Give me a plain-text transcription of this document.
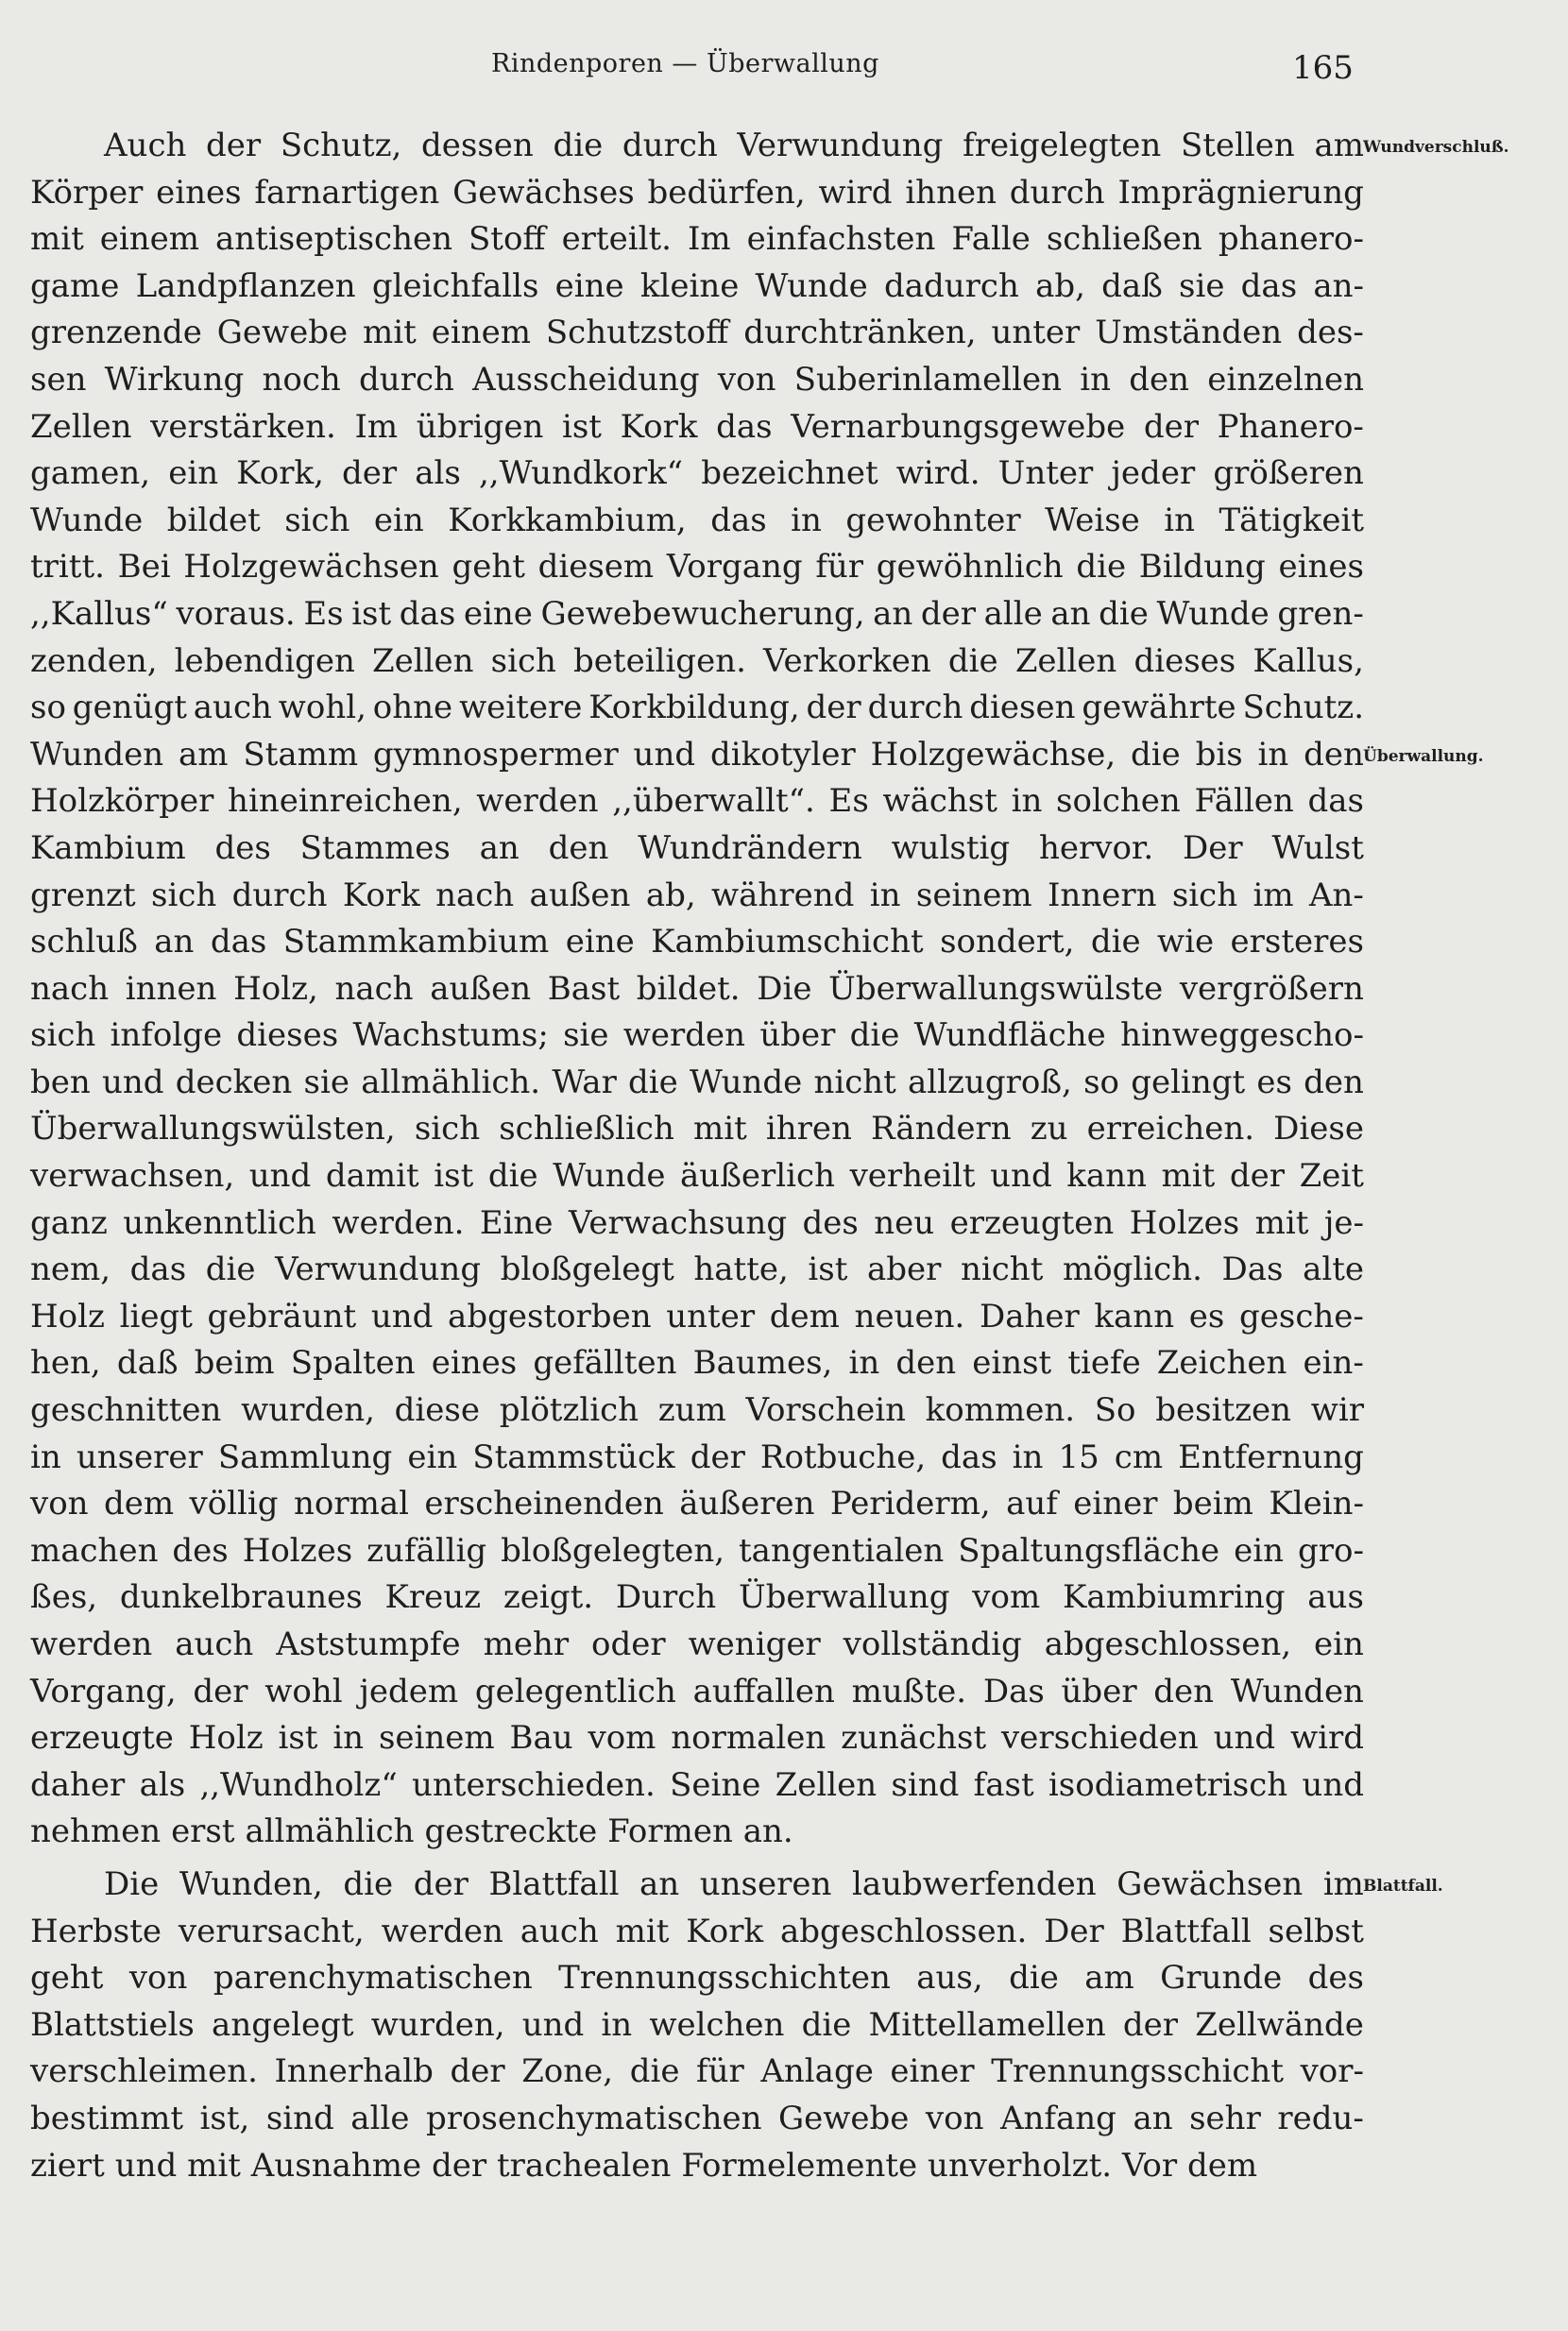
Rindenporen — Überwallung	165
Auch der Schutz, dessen die durch Verwundung freigelegten Stellen am
Körper eines farnartigen Gewächses bedürfen, wird ihnen durch Imprägnierung
mit einem antiseptischen Stoff erteilt. Im einfachsten Falle schließen phanero-
game Landpflanzen gleichfalls eine kleine Wunde dadurch ab, daß sie das an-
grenzende Gewebe mit einem Schutzstoff durchtränken, unter Umständen des-
sen Wirkung noch durch Ausscheidung von Suberinlamellen in den einzelnen
Zellen verstärken. Im übrigen ist Kork das Vernarbungsgewebe der Phanero-
gamen, ein Kork, der als ,,Wundkork“ bezeichnet wird. Unter jeder größeren
Wunde bildet sich ein Korkkambium, das in gewohnter Weise in Tätigkeit
tritt. Bei Holzgewächsen geht diesem Vorgang für gewöhnlich die Bildung eines
,,Kallus“ voraus. Es ist das eine Gewebewucherung, an der alle an die Wunde gren-
zenden, lebendigen Zellen sich beteiligen. Verkorken die Zellen dieses Kallus,
so genügt auch wohl, ohne weitere Korkbildung, der durch diesen gewährte Schutz.
Wunden am Stamm gymnospermer und dikotyler Holzgewächse, die bis in den
Holzkörper hineinreichen, werden ,,überwallt“. Es wächst in solchen Fällen das
Kambium des Stammes an den Wundrändern wulstig hervor. Der Wulst
grenzt sich durch Kork nach außen ab, während in seinem Innern sich im An-
schluß an das Stammkambium eine Kambiumschicht sondert, die wie ersteres
nach innen Holz, nach außen Bast bildet. Die Überwallungswülste vergrößern
sich infolge dieses Wachstums; sie werden über die Wundfläche hinweggescho-
ben und decken sie allmählich. War die Wunde nicht allzugroß, so gelingt es den
Überwallungswülsten, sich schließlich mit ihren Rändern zu erreichen. Diese
verwachsen, und damit ist die Wunde äußerlich verheilt und kann mit der Zeit
ganz unkenntlich werden. Eine Verwachsung des neu erzeugten Holzes mit je-
nem, das die Verwundung bloßgelegt hatte, ist aber nicht möglich. Das alte
Holz liegt gebräunt und abgestorben unter dem neuen. Daher kann es gesche-
hen, daß beim Spalten eines gefällten Baumes, in den einst tiefe Zeichen ein-
geschnitten wurden, diese plötzlich zum Vorschein kommen. So besitzen wir
in unserer Sammlung ein Stammstück der Rotbuche, das in 15 cm Entfernung
von dem völlig normal erscheinenden äußeren Periderm, auf einer beim Klein-
machen des Holzes zufällig bloßgelegten, tangentialen Spaltungsfläche ein gro-
ßes, dunkelbraunes Kreuz zeigt. Durch Überwallung vom Kambiumring aus
werden auch Aststumpfe mehr oder weniger vollständig abgeschlossen, ein
Vorgang, der wohl jedem gelegentlich auffallen mußte. Das über den Wunden
erzeugte Holz ist in seinem Bau vom normalen zunächst verschieden und wird
daher als ,,Wundholz“ unterschieden. Seine Zellen sind fast isodiametrisch und
nehmen erst allmählich gestreckte Formen an.
Die Wunden, die der Blattfall an unseren laubwerfenden Gewächsen im
Herbste verursacht, werden auch mit Kork abgeschlossen. Der Blattfall selbst
geht von parenchymatischen Trennungsschichten aus, die am Grunde des
Blattstiels angelegt wurden, und in welchen die Mittellamellen der Zellwände
verschleimen. Innerhalb der Zone, die für Anlage einer Trennungsschicht vor-
bestimmt ist, sind alle prosenchymatischen Gewebe von Anfang an sehr redu-
ziert und mit Ausnahme der trachealen Formelemente unverholzt. Vor dem
Wundverschluß.
Überwallung.
Blattfall.
